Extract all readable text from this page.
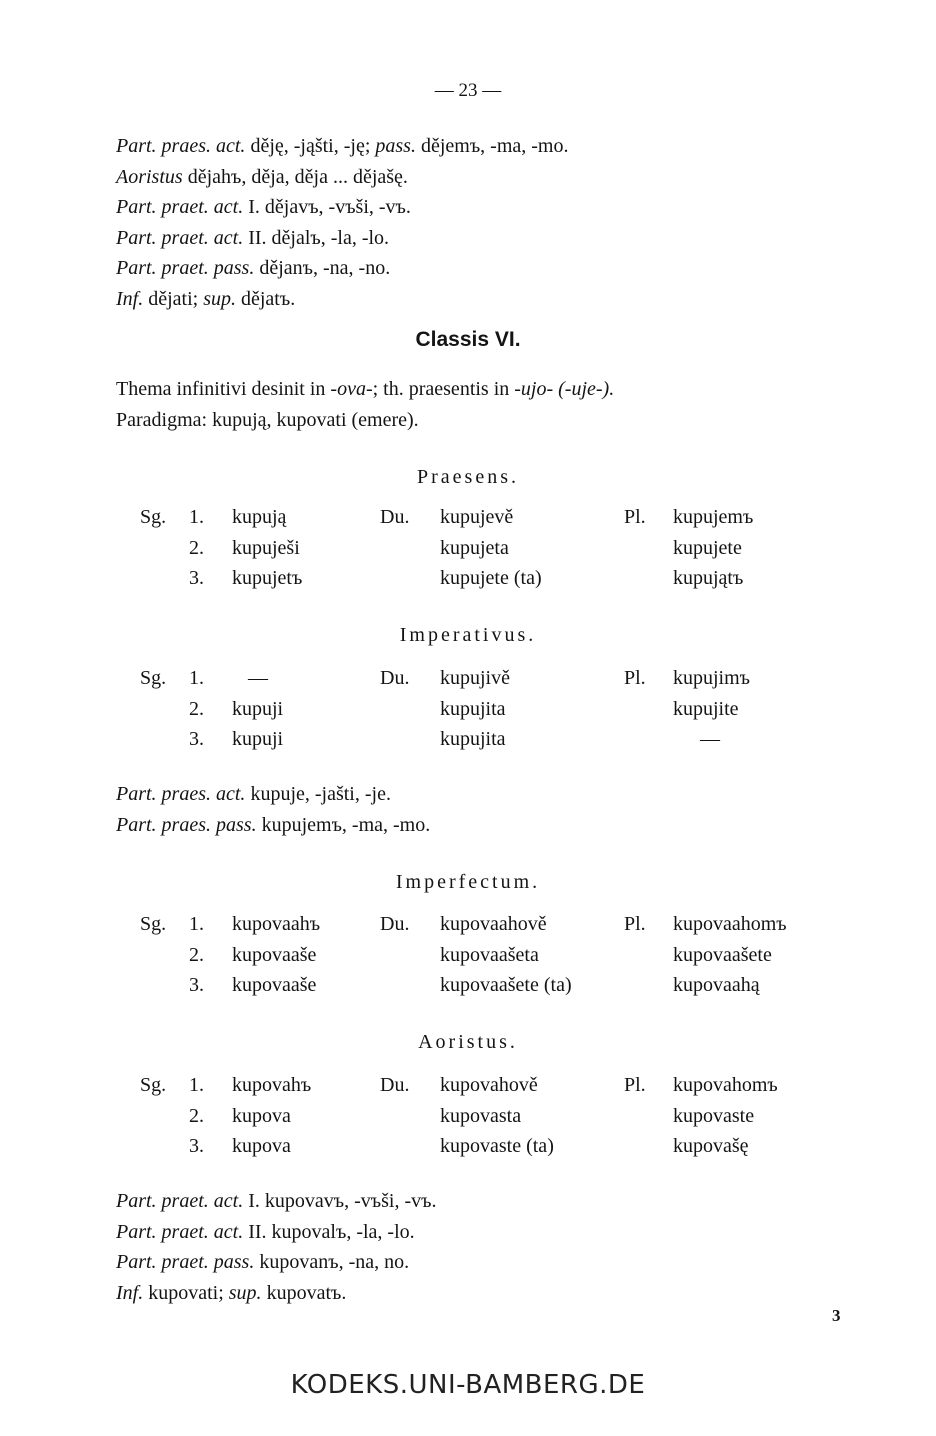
— 23 —
Part. praes. act. děję, -jąšti, -ję; pass. dějemъ, -ma, -mo.
Aoristus dějahъ, děja, děja ... dějašę.
Part. praet. act. I. dějavъ, -vъši, -vъ.
Part. praet. act. II. dějalъ, -la, -lo.
Part. praet. pass. dějanъ, -na, -no.
Inf. dějati; sup. dějatъ.
Classis VI.
Thema infinitivi desinit in -ova-; th. praesentis in -ujo- (-uje-).
Paradigma: kupują, kupovati (emere).
Praesens.
Sg. 1. kupują	Du. kupujevě	Pl. kupujemъ
2. kupuješi	kupujeta	kupujete
3. kupujetъ	kupujete (ta)	kupujątъ
Imperativus.
Sg. 1. —	Du. kupujivě	Pl. kupujimъ
2. kupuji	kupujita	kupujite
3. kupuji	kupujita	—
Part. praes. act. kupuje, -jašti, -je.
Part. praes. pass. kupujemъ, -ma, -mo.
Imperfectum.
Sg. 1. kupovaahъ	Du. kupovaahově	Pl. kupovaahomъ
2. kupovaaše	kupovaašeta	kupovaašete
3. kupovaaše	kupovaašete (ta)	kupovaahą
Aoristus.
Sg. 1. kupovahъ	Du. kupovahově	Pl. kupovahomъ
2. kupova	kupovasta	kupovaste
3. kupova	kupovaste (ta)	kupovašę
Part. praet. act. I. kupovavъ, -vъši, -vъ.
Part. praet. act. II. kupovalъ, -la, -lo.
Part. praet. pass. kupovanъ, -na, no.
Inf. kupovati; sup. kupovatъ.
3
KODEKS.UNI-BAMBERG.DE
